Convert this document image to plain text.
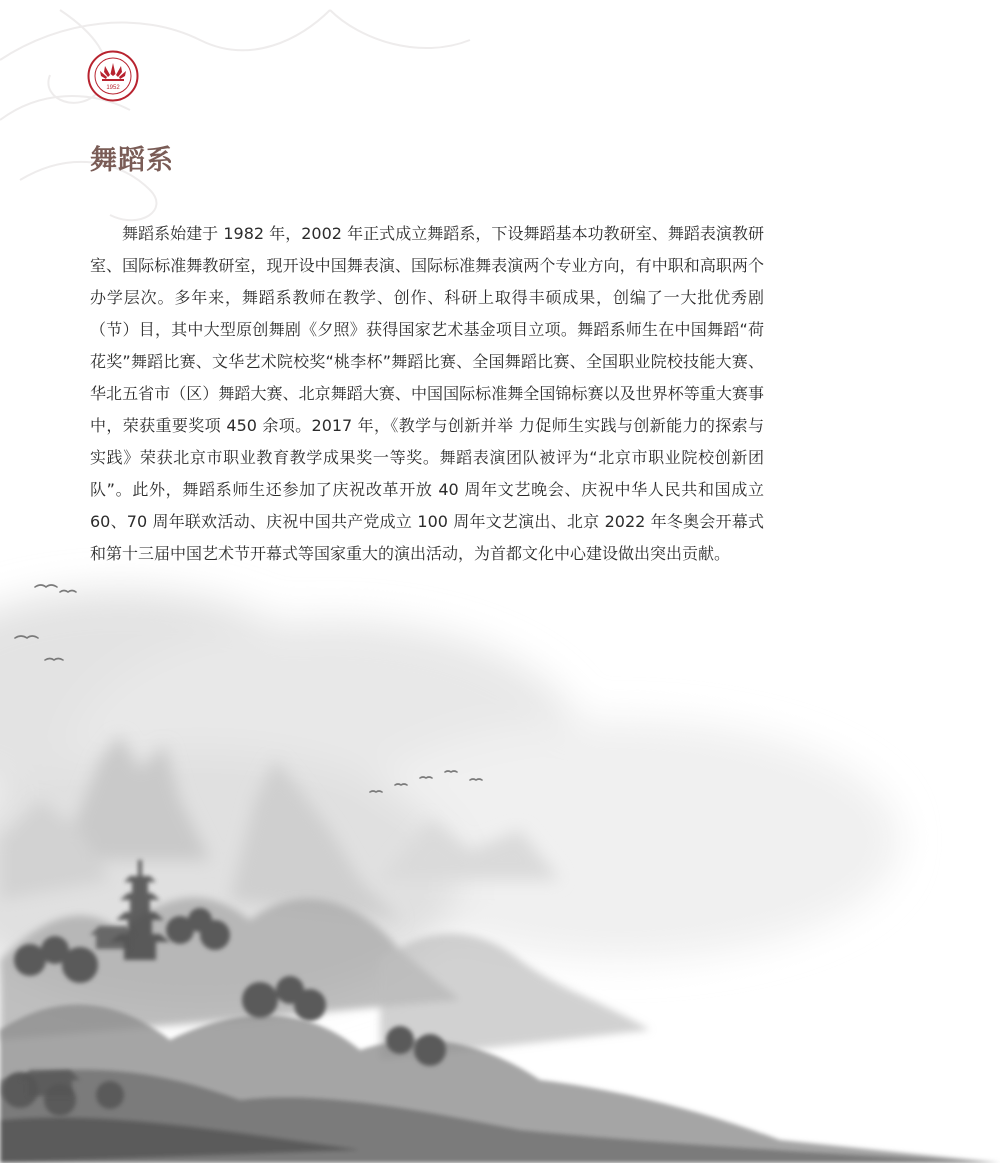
1952
舞蹈系

舞蹈系始建于 1982 年，2002 年正式成立舞蹈系，下设舞蹈基本功教研室、舞蹈表演教研室、国际标准舞教研室，现开设中国舞表演、国际标准舞表演两个专业方向，有中职和高职两个办学层次。多年来，舞蹈系教师在教学、创作、科研上取得丰硕成果，创编了一大批优秀剧（节）目，其中大型原创舞剧《夕照》获得国家艺术基金项目立项。舞蹈系师生在中国舞蹈“荷花奖”舞蹈比赛、文华艺术院校奖“桃李杯”舞蹈比赛、全国舞蹈比赛、全国职业院校技能大赛、华北五省市（区）舞蹈大赛、北京舞蹈大赛、中国国际标准舞全国锦标赛以及世界杯等重大赛事中，荣获重要奖项 450 余项。2017 年，《教学与创新并举 力促师生实践与创新能力的探索与实践》荣获北京市职业教育教学成果奖一等奖。舞蹈表演团队被评为“北京市职业院校创新团队”。此外，舞蹈系师生还参加了庆祝改革开放 40 周年文艺晚会、庆祝中华人民共和国成立 60、70 周年联欢活动、庆祝中国共产党成立 100 周年文艺演出、北京 2022 年冬奥会开幕式和第十三届中国艺术节开幕式等国家重大的演出活动，为首都文化中心建设做出突出贡献。
